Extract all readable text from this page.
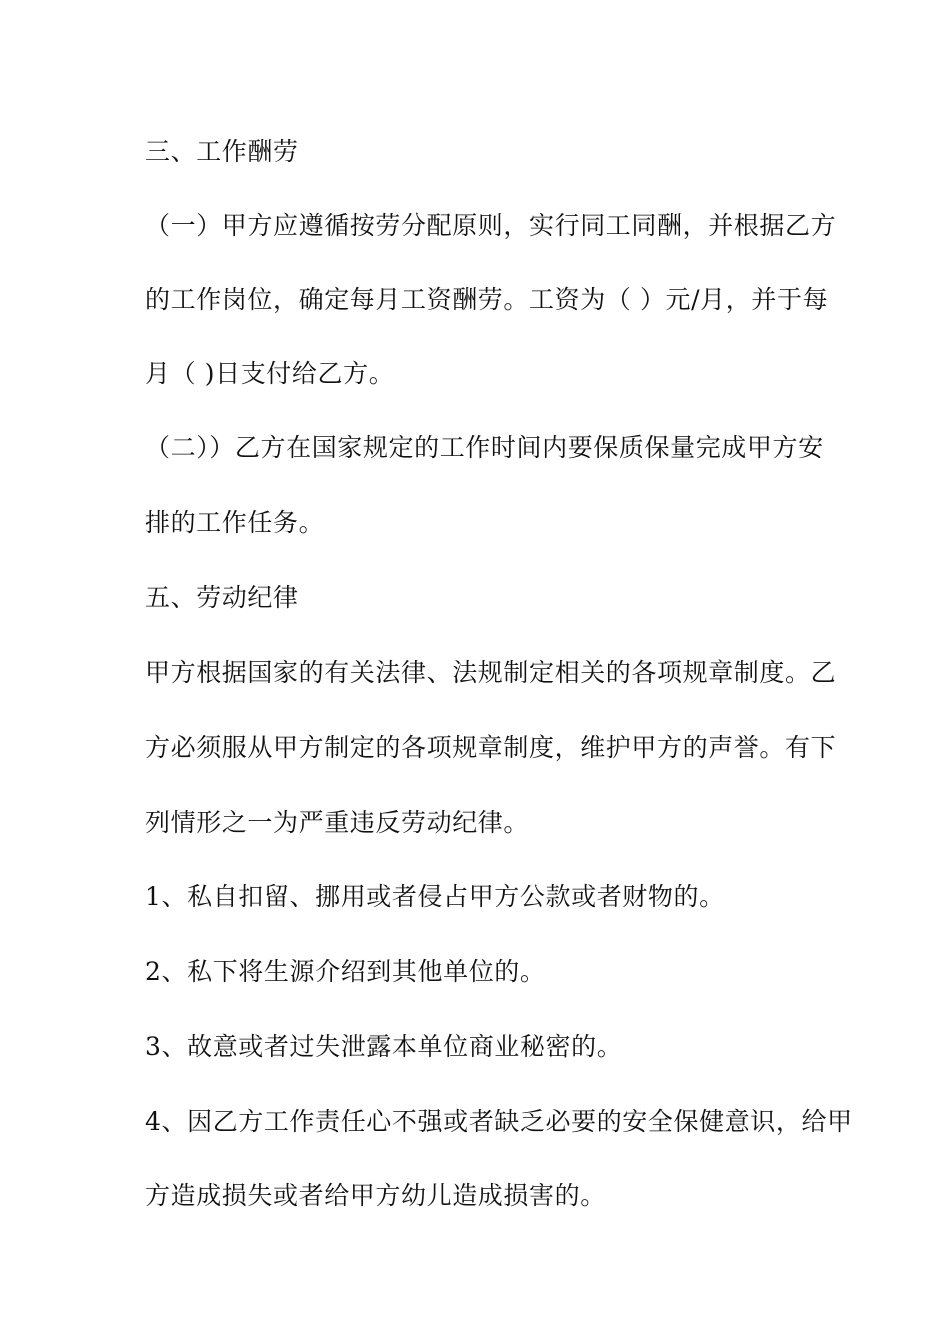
三、工作酬劳
（一）甲方应遵循按劳分配原则，实行同工同酬，并根据乙方
的工作岗位，确定每月工资酬劳。工资为（ ）元/月，并于每
月（ )日支付给乙方。
（二））乙方在国家规定的工作时间内要保质保量完成甲方安
排的工作任务。
五、劳动纪律
甲方根据国家的有关法律、法规制定相关的各项规章制度。乙
方必须服从甲方制定的各项规章制度，维护甲方的声誉。有下
列情形之一为严重违反劳动纪律。
1、私自扣留、挪用或者侵占甲方公款或者财物的。
2、私下将生源介绍到其他单位的。
3、故意或者过失泄露本单位商业秘密的。
4、因乙方工作责任心不强或者缺乏必要的安全保健意识，给甲
方造成损失或者给甲方幼儿造成损害的。
